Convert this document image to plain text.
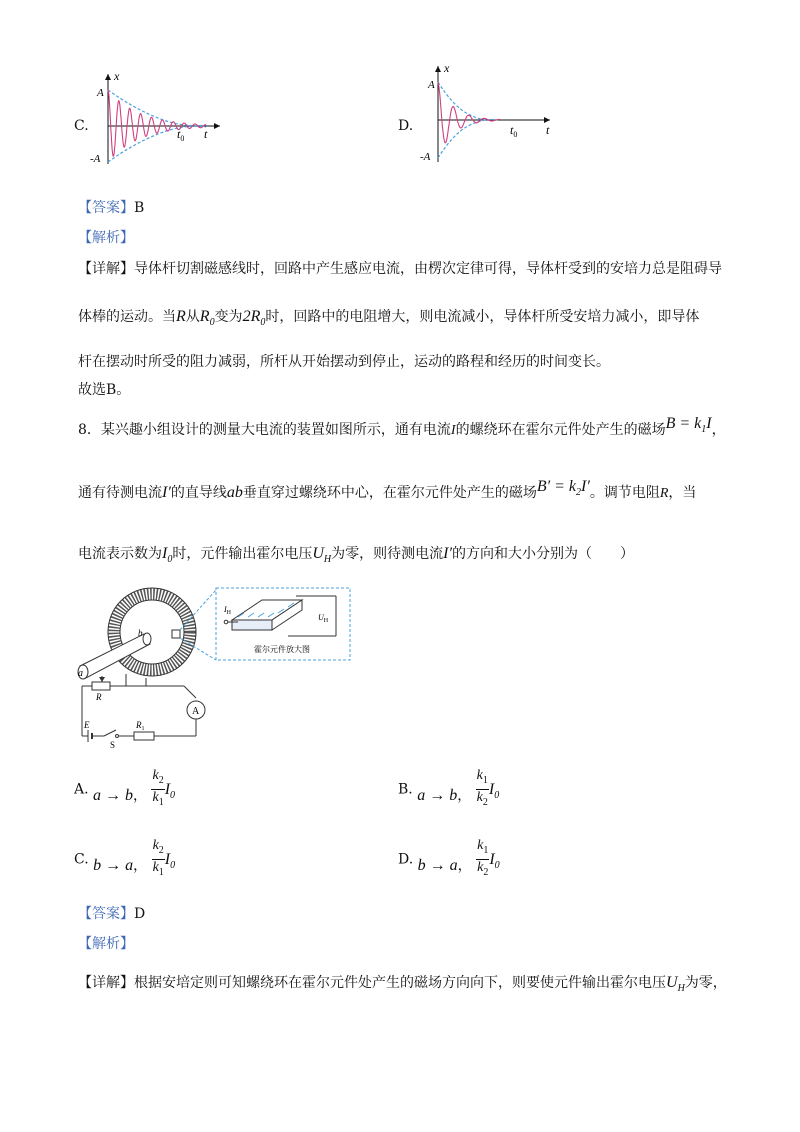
C.
x
t
A
-A
$t_0$
D.
x
t
A
-A
$t_0$
【答案】B
【解析】
【详解】导体杆切割磁感线时，回路中产生感应电流，由楞次定律可得，导体杆受到的安培力总是阻碍导
体棒的运动。当R从$R_0$变为$2R_0$时，回路中的电阻增大，则电流减小，导体杆所受安培力减小，即导体
杆在摆动时所受的阻力减弱，所杆从开始摆动到停止，运动的路程和经历的时间变长。
故选B。
8．某兴趣小组设计的测量大电流的装置如图所示，通有电流I的螺绕环在霍尔元件处产生的磁场$B = k_1I$，
通有待测电流I′的直导线ab垂直穿过螺绕环中心，在霍尔元件处产生的磁场$B' = k_2I'$。调节电阻R，当
电流表示数为$I_0$时，元件输出霍尔电压$U_H$为零，则待测电流I′的方向和大小分别为（　　）
a
b
$I_H$	$U_H$
霍尔元件放大图
R
A
E
S
$R_1$
A. a → b， $\frac{k_2}{k_1} I_0$	B. a → b， $\frac{k_1}{k_2} I_0$
C. b → a， $\frac{k_2}{k_1} I_0$	D. b → a， $\frac{k_1}{k_2} I_0$
【答案】D
【解析】
【详解】根据安培定则可知螺绕环在霍尔元件处产生的磁场方向向下，则要使元件输出霍尔电压$U_H$为零，
